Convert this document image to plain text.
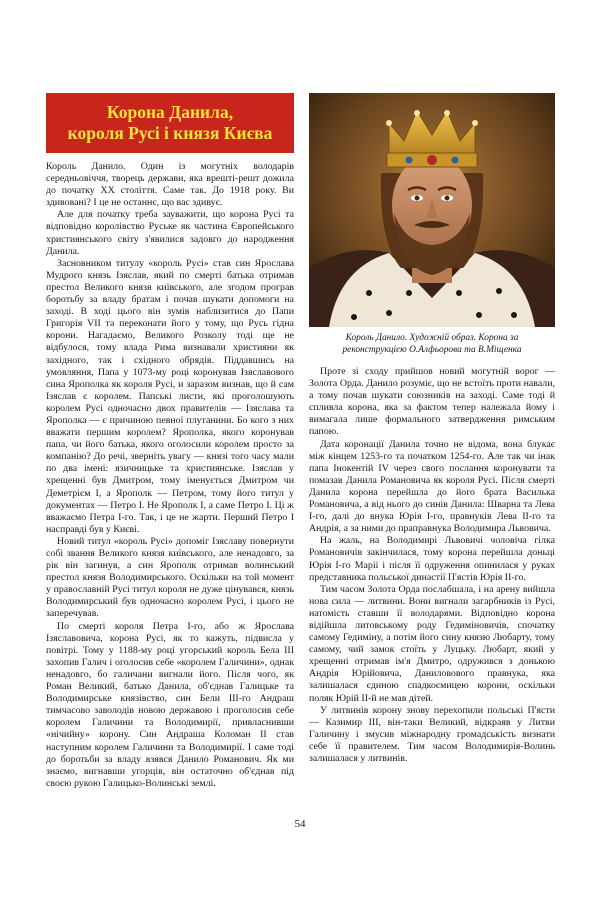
Корона Данила,
короля Русі і князя Києва

Король Данило. Один із могутніх володарів середньовіччя, творець держави, яка врешті-решт дожила до початку XX століття. Саме так. До 1918 року. Ви здивовані? І це не останнє, що вас здивує.

Але для початку треба зауважити, що корона Русі та відповідно королівство Руське як частина Європейського християнського світу з'явилися задовго до народження Данила.

Засновником титулу «король Русі» став син Ярослава Мудрого князь Ізяслав, який по смерті батька отримав престол Великого князя київського, але згодом програв боротьбу за владу братам і почав шукати допомоги на заході. В ході цього він зумів наблизитися до Папи Григорія VII та переконати його у тому, що Русь гідна корони. Нагадаємо, Великого Розколу тоді ще не відбулося, тому влада Рима визнавали християни як західного, так і східного обрядів. Піддавшись на умовляння, Папа у 1073-му році коронував Ізяславового сина Ярополка як короля Русі, и заразом визнав, що й сам Ізяслав є королем. Папські листи, які проголошують королем Русі одночасно двох правителів — Ізяслава та Ярополка — є причиною певної плутанини. Бо кого з них вважати першим королем? Ярополка, якого коронував папа, чи його батька, якого оголосили королем просто за компанію? До речі, зверніть увагу — князі того часу мали по два імені: язичницьке та християнське. Ізяслав у хрещенні був Дмитром, тому іменується Дмитром чи Деметрієм I, а Ярополк — Петром, тому його титул у документах — Петро I. Не Ярополк I, а саме Петро I. Ці ж вважаємо Петра I-го. Так, і це не жарти. Перший Петро I насправді був у Києві.

Новий титул «король Русі» допоміг Ізяславу повернути собі звання Великого князя київського, але ненадовго, за рік він загинув, а син Ярополк отримав волинський престол князя Володимирського. Оскільки на той момент у православній Русі титул короля не дуже цінувався, князь Володимирський був одночасно королем Русі, і цього не заперечував.

По смерті короля Петра I-го, або ж Ярослава Ізяславовича, корона Русі, як то кажуть, підвисла у повітрі. Тому у 1188-му році угорський король Бела III захопив Галич і оголосив себе «королем Галичини», однак ненадовго, бо галичани вигнали його. Після чого, як Роман Великий, батько Данила, об'єднав Галицьке та Володимирське князівство, син Бели III-го Андраш тимчасово заволодів новою державою і проголосив себе королем Галичини та Володимирії, привласнивши «нічийну» корону. Син Андраша Коломан II став наступним королем Галичини та Володимирії. І саме тоді до боротьби за владу взявся Данило Романович. Як ми знаємо, вигнавши угорців, він остаточно об'єднав під своєю рукою Галицько-Волинські землі.

Король Данило. Художній образ. Корона за реконструкцією О.Алфьорова та В.Міщенка

Проте зі сходу прийшов новий могутній ворог — Золота Орда. Данило розуміє, що не встоїть проти навали, а тому почав шукати союзників на заході. Саме тоді й спливла корона, яка за фактом тепер належала йому і вимагала лише формального затвердження римським папою.

Дата коронації Данила точно не відома, вона блукає між кінцем 1253-го та початком 1254-го. Але так чи інак папа Інокентій IV через свого послання коронувати та помазав Данила Романовича як короля Русі. Після смерті Данила корона перейшла до його брата Василька Романовича, а від нього до синів Данила: Шварна та Лева I-го, далі до внука Юрія I-го, правнуків Лева II-го та Андрія, а за ними до праправнука Володимира Львовича.

На жаль, на Володимирі Львовичі чоловіча гілка Романовичів закінчилася, тому корона перейшла доньці Юрія I-го Марії і після її одруження опинилася у руках представника польської династії П'ястів Юрія II-го.

Тим часом Золота Орда послабшала, і на арену вийшла нова сила — литвини. Вони вигнали загарбників із Русі, натомість ставши її володарями. Відповідно корона відійшла литовському роду Гедиміновичів, спочатку самому Гедиміну, а потім його сину князю Любарту, тому самому, чий замок стоїть у Луцьку. Любарт, який у хрещенні отримав ім'я Дмитро, одружився з донькою Андрія Юрійовича, Даниловового правнука, яка залишалася єдиною спадкоємицею корони, оскільки поляк Юрій II-й не мав дітей.

У литвинів корону знову перехопили польські П'ясти — Казимир III, він-таки Великий, відкраяв у Литви Галичину і змусив міжнародну громадськість визнати себе її правителем. Тим часом Володимирія-Волинь залишалася у литвинів.

54
